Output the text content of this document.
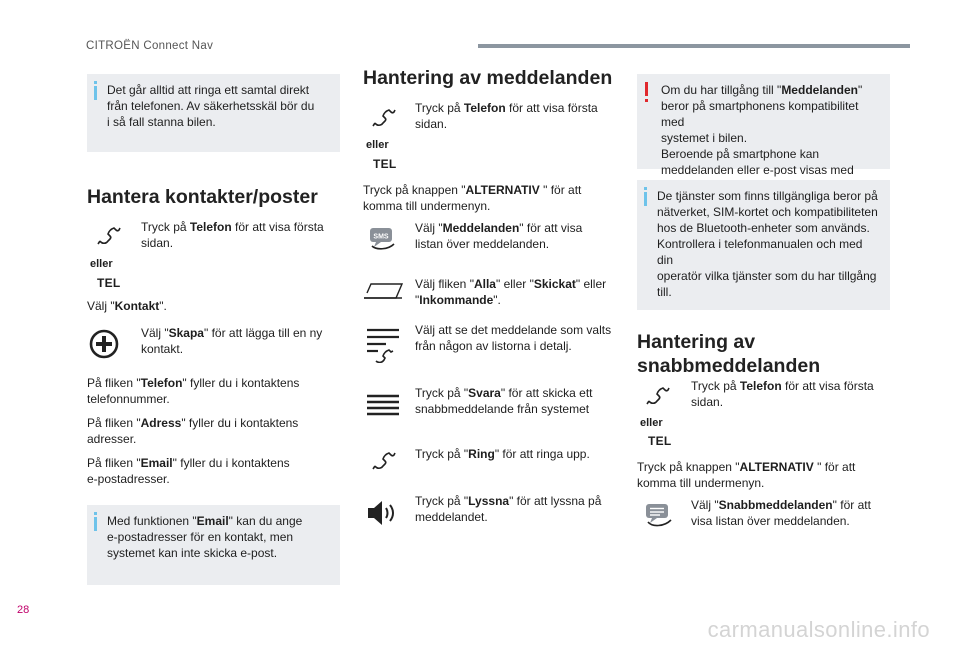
CITROËN Connect Nav
Det går alltid att ringa ett samtal direkt
från telefonen. Av säkerhetsskäl bör du
i så fall stanna bilen.
Hantera kontakter/poster
eller
TEL
Tryck på Telefon för att visa första
sidan.
Välj "Kontakt".
Välj "Skapa" för att lägga till en ny
kontakt.
På fliken "Telefon" fyller du i kontaktens
telefonnummer.
På fliken "Adress" fyller du i kontaktens
adresser.
På fliken "Email" fyller du i kontaktens
e-postadresser.
Med funktionen "Email" kan du ange
e-postadresser för en kontakt, men
systemet kan inte skicka e-post.
Hantering av meddelanden
eller
TEL
Tryck på Telefon för att visa första
sidan.
Tryck på knappen "ALTERNATIV " för att
komma till undermenyn.
SMS
Välj "Meddelanden" för att visa
listan över meddelanden.
Välj fliken "Alla" eller "Skickat" eller
"Inkommande".
Välj att se det meddelande som valts
från någon av listorna i detalj.
Tryck på "Svara" för att skicka ett
snabbmeddelande från systemet
Tryck på "Ring" för att ringa upp.
Tryck på "Lyssna" för att lyssna på
meddelandet.
Om du har tillgång till "Meddelanden"
beror på smartphonens kompatibilitet med
systemet i bilen.
Beroende på smartphone kan
meddelanden eller e-post visas med
De tjänster som finns tillgängliga beror på
nätverket, SIM-kortet och kompatibiliteten
hos de Bluetooth-enheter som används.
Kontrollera i telefonmanualen och med din
operatör vilka tjänster som du har tillgång
till.
Hantering av
snabbmeddelanden
eller
TEL
Tryck på Telefon för att visa första
sidan.
Tryck på knappen "ALTERNATIV " för att
komma till undermenyn.
Välj "Snabbmeddelanden" för att
visa listan över meddelanden.
28
carmanualsonline.info
